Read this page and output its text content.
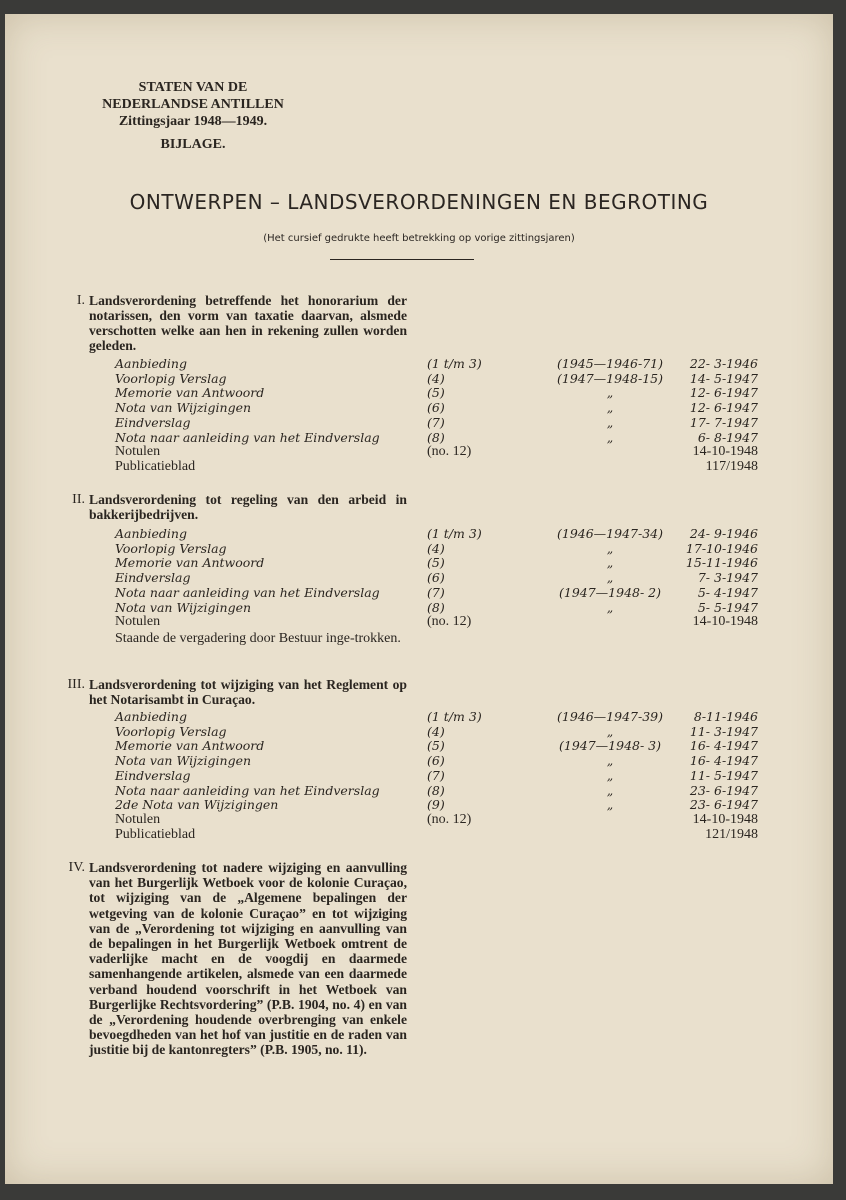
STATEN VAN DE
NEDERLANDSE ANTILLEN
Zittingsjaar 1948—1949.
BIJLAGE.
ONTWERPEN – LANDSVERORDENINGEN EN BEGROTING
(Het cursief gedrukte heeft betrekking op vorige zittingsjaren)
I. Landsverordening betreffende het honorarium der notarissen, den vorm van taxatie daarvan, alsmede verschotten welke aan hen in rekening zullen worden geleden.
Aanbieding	(1 t/m 3)	(1945—1946-71)	22- 3-1946
Voorlopig Verslag	(4)	(1947—1948-15)	14- 5-1947
Memorie van Antwoord	(5)	„	12- 6-1947
Nota van Wijzigingen	(6)	„	12- 6-1947
Eindverslag	(7)	„	17- 7-1947
Nota naar aanleiding van het Eindverslag	(8)	„	6- 8-1947
Notulen	(no. 12)	14-10-1948
Publicatieblad	117/1948
II. Landsverordening tot regeling van den arbeid in bakkerijbedrijven.
Aanbieding	(1 t/m 3)	(1946—1947-34)	24- 9-1946
Voorlopig Verslag	(4)	„	17-10-1946
Memorie van Antwoord	(5)	„	15-11-1946
Eindverslag	(6)	„	7- 3-1947
Nota naar aanleiding van het Eindverslag	(7)	(1947—1948- 2)	5- 4-1947
Nota van Wijzigingen	(8)	„	5- 5-1947
Notulen	(no. 12)	14-10-1948
Staande de vergadering door Bestuur inge-trokken.
III. Landsverordening tot wijziging van het Reglement op het Notarisambt in Curaçao.
Aanbieding	(1 t/m 3)	(1946—1947-39)	8-11-1946
Voorlopig Verslag	(4)	„	11- 3-1947
Memorie van Antwoord	(5)	(1947—1948- 3)	16- 4-1947
Nota van Wijzigingen	(6)	„	16- 4-1947
Eindverslag	(7)	„	11- 5-1947
Nota naar aanleiding van het Eindverslag	(8)	„	23- 6-1947
2de Nota van Wijzigingen	(9)	„	23- 6-1947
Notulen	(no. 12)	14-10-1948
Publicatieblad	121/1948
IV. Landsverordening tot nadere wijziging en aanvulling van het Burgerlijk Wetboek voor de kolonie Curaçao, tot wijziging van de „Algemene bepalingen der wetgeving van de kolonie Curaçao” en tot wijziging van de „Verordening tot wijziging en aanvulling van de bepalingen in het Burgerlijk Wetboek omtrent de vaderlijke macht en de voogdij en daarmede samenhangende artikelen, alsmede van een daarmede verband houdend voorschrift in het Wetboek van Burgerlijke Rechtsvordering” (P.B. 1904, no. 4) en van de „Verordening houdende overbrenging van enkele bevoegdheden van het hof van justitie en de raden van justitie bij de kantonregters” (P.B. 1905, no. 11).
